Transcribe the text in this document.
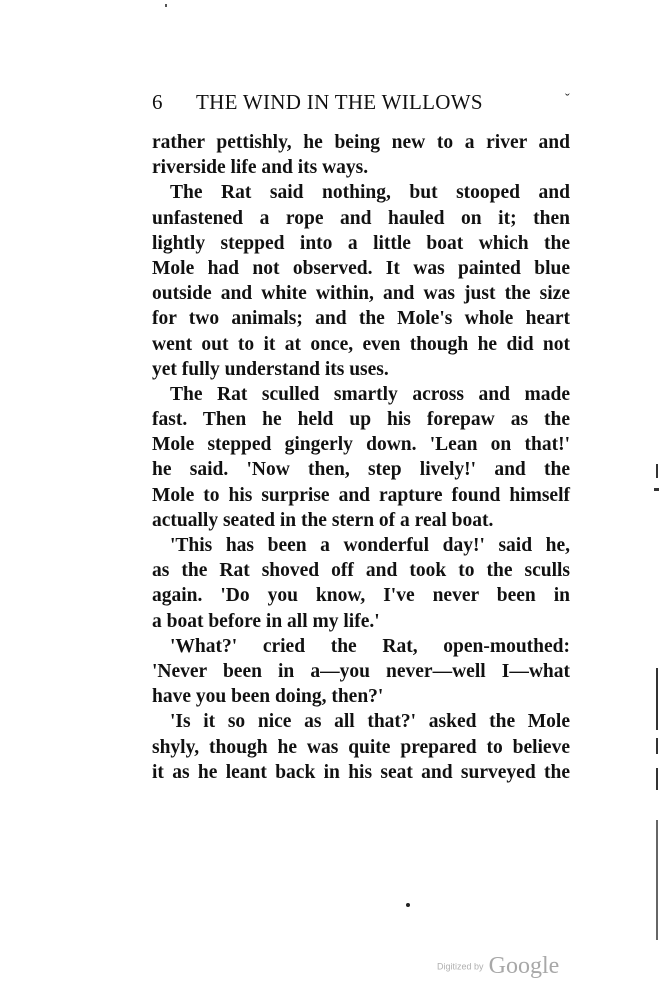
6 THE WIND IN THE WILLOWS	ˇ
rather pettishly, he being new to a river and
riverside life and its ways.
The Rat said nothing, but stooped and
unfastened a rope and hauled on it; then
lightly stepped into a little boat which the
Mole had not observed. It was painted blue
outside and white within, and was just the size
for two animals; and the Mole's whole heart
went out to it at once, even though he did not
yet fully understand its uses.
The Rat sculled smartly across and made
fast. Then he held up his forepaw as the
Mole stepped gingerly down. 'Lean on that!'
he said. 'Now then, step lively!' and the
Mole to his surprise and rapture found himself
actually seated in the stern of a real boat.
'This has been a wonderful day!' said he,
as the Rat shoved off and took to the sculls
again. 'Do you know, I've never been in
a boat before in all my life.'
'What?' cried the Rat, open-mouthed:
'Never been in a—you never—well I—what
have you been doing, then?'
'Is it so nice as all that?' asked the Mole
shyly, though he was quite prepared to believe
it as he leant back in his seat and surveyed the
Digitized by Google
